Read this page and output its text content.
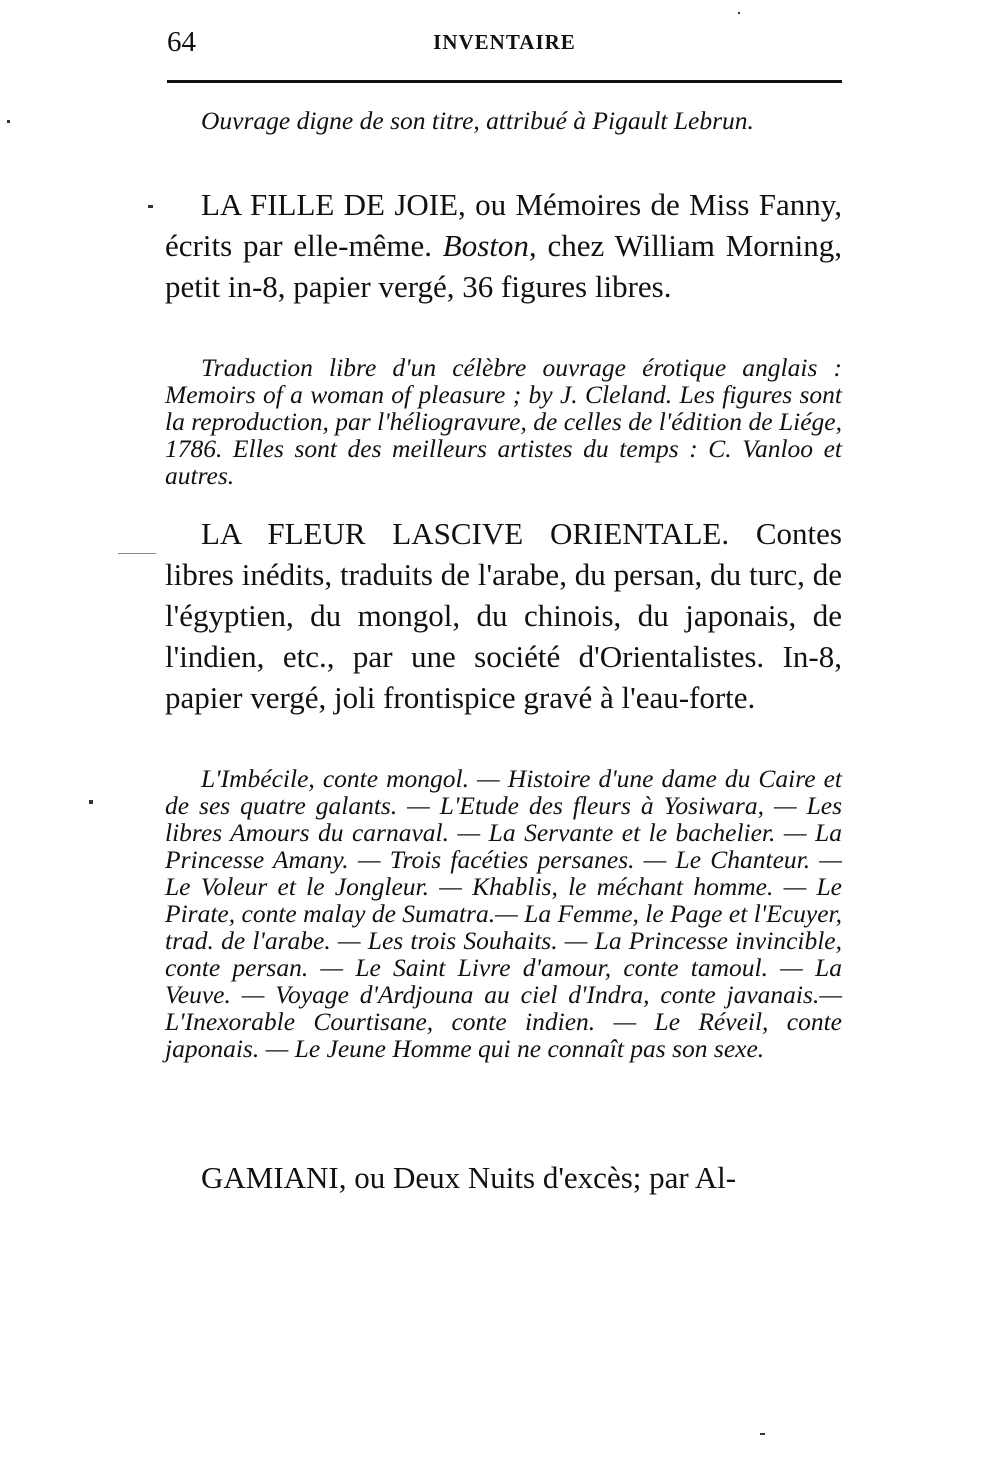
64	INVENTAIRE

Ouvrage digne de son titre, attribué à Pigault Lebrun.

LA FILLE DE JOIE, ou Mémoires de Miss Fanny, écrits par elle-même. Boston, chez William Morning, petit in-8, papier vergé, 36 figures libres.

Traduction libre d'un célèbre ouvrage érotique anglais : Memoirs of a woman of pleasure ; by J. Cleland. Les figures sont la reproduction, par l'héliogravure, de celles de l'édition de Liége, 1786. Elles sont des meilleurs artistes du temps : C. Vanloo et autres.

LA FLEUR LASCIVE ORIENTALE. Contes libres inédits, traduits de l'arabe, du persan, du turc, de l'égyptien, du mongol, du chinois, du japonais, de l'indien, etc., par une société d'Orientalistes. In-8, papier vergé, joli frontispice gravé à l'eau-forte.

L'Imbécile, conte mongol. — Histoire d'une dame du Caire et de ses quatre galants. — L'Etude des fleurs à Yosiwara, — Les libres Amours du carnaval. — La Servante et le bachelier. — La Princesse Amany. — Trois facéties persanes. — Le Chanteur. — Le Voleur et le Jongleur. — Khablis, le méchant homme. — Le Pirate, conte malay de Sumatra.— La Femme, le Page et l'Ecuyer, trad. de l'arabe. — Les trois Souhaits. — La Princesse invincible, conte persan. — Le Saint Livre d'amour, conte tamoul. — La Veuve. — Voyage d'Ardjouna au ciel d'Indra, conte javanais.—L'Inexorable Courtisane, conte indien. — Le Réveil, conte japonais. — Le Jeune Homme qui ne connaît pas son sexe.

GAMIANI, ou Deux Nuits d'excès; par Al-
